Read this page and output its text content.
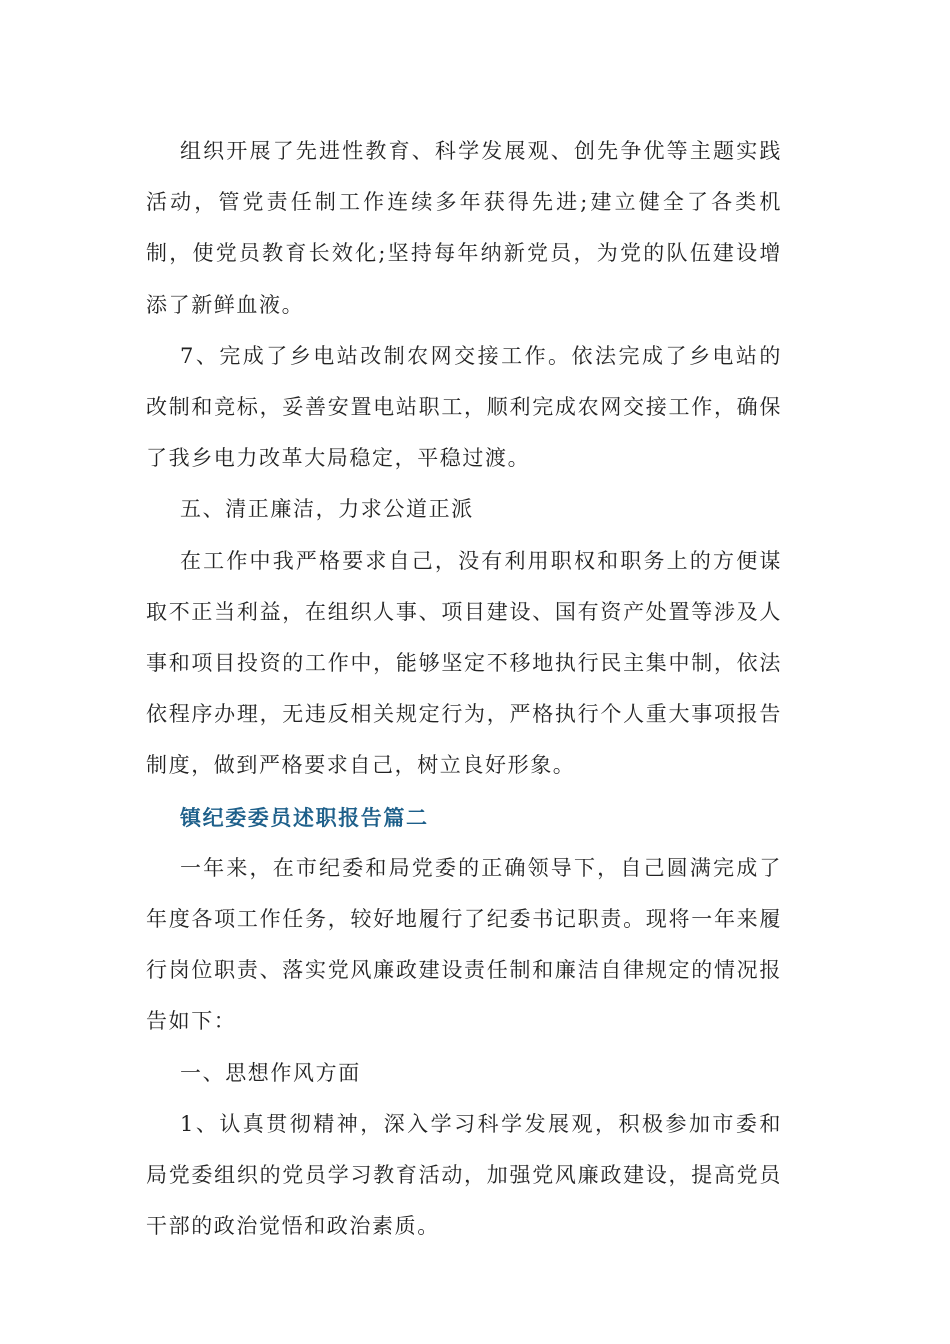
组织开展了先进性教育、科学发展观、创先争优等主题实践活动，管党责任制工作连续多年获得先进;建立健全了各类机制，使党员教育长效化;坚持每年纳新党员，为党的队伍建设增添了新鲜血液。

7、完成了乡电站改制农网交接工作。依法完成了乡电站的改制和竞标，妥善安置电站职工，顺利完成农网交接工作，确保了我乡电力改革大局稳定，平稳过渡。

五、清正廉洁，力求公道正派

在工作中我严格要求自己，没有利用职权和职务上的方便谋取不正当利益，在组织人事、项目建设、国有资产处置等涉及人事和项目投资的工作中，能够坚定不移地执行民主集中制，依法依程序办理，无违反相关规定行为，严格执行个人重大事项报告制度，做到严格要求自己，树立良好形象。

镇纪委委员述职报告篇二

一年来，在市纪委和局党委的正确领导下，自己圆满完成了年度各项工作任务，较好地履行了纪委书记职责。现将一年来履行岗位职责、落实党风廉政建设责任制和廉洁自律规定的情况报告如下：

一、思想作风方面

1、认真贯彻精神，深入学习科学发展观，积极参加市委和局党委组织的党员学习教育活动，加强党风廉政建设，提高党员干部的政治觉悟和政治素质。
